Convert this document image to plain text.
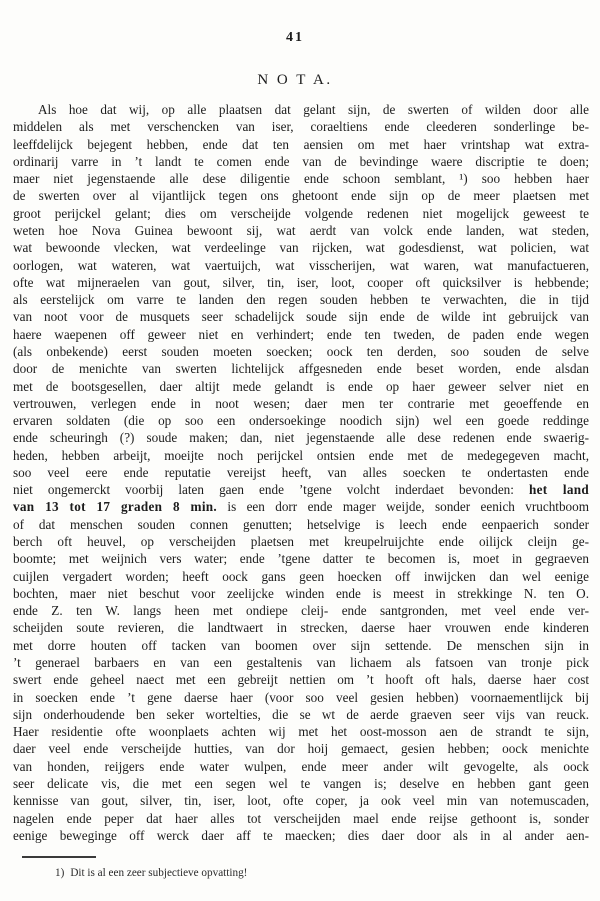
41
N O T A.
Als hoe dat wij, op alle plaatsen dat gelant sijn, de swerten of wilden door alle
middelen als met verschencken van iser, coraeltiens ende cleederen sonderlinge be-
leeffdelijck bejegent hebben, ende dat ten aensien om met haer vrintshap wat extra-
ordinarij varre in ’t landt te comen ende van de bevindinge waere discriptie te doen;
maer niet jegenstaende alle dese diligentie ende schoon semblant, ¹) soo hebben haer
de swerten over al vijantlijck tegen ons ghetoont ende sijn op de meer plaetsen met
groot perijckel gelant; dies om verscheijde volgende redenen niet mogelijck geweest te
weten hoe Nova Guinea bewoont sij, wat aerdt van volck ende landen, wat steden,
wat bewoonde vlecken, wat verdeelinge van rijcken, wat godesdienst, wat policien, wat
oorlogen, wat wateren, wat vaertuijch, wat visscherijen, wat waren, wat manufactueren,
ofte wat mijneraelen van gout, silver, tin, iser, loot, cooper oft quicksilver is hebbende;
als eerstelijck om varre te landen den regen souden hebben te verwachten, die in tijd
van noot voor de musquets seer schadelijck soude sijn ende de wilde int gebruijck van
haere waepenen off geweer niet en verhindert; ende ten tweden, de paden ende wegen
(als onbekende) eerst souden moeten soecken; oock ten derden, soo souden de selve
door de menichte van swerten lichtelijck affgesneden ende beset worden, ende alsdan
met de bootsgesellen, daer altijt mede gelandt is ende op haer geweer selver niet en
vertrouwen, verlegen ende in noot wesen; daer men ter contrarie met geoeffende en
ervaren soldaten (die op soo een ondersoekinge noodich sijn) wel een goede reddinge
ende scheuringh (?) soude maken; dan, niet jegenstaende alle dese redenen ende swaerig-
heden, hebben arbeijt, moeijte noch perijckel ontsien ende met de medegegeven macht,
soo veel eere ende reputatie vereijst heeft, van alles soecken te ondertasten ende
niet ongemerckt voorbij laten gaen ende ’tgene volcht inderdaet bevonden: het land
van 13 tot 17 graden 8 min. is een dorr ende mager weijde, sonder eenich vruchtboom
of dat menschen souden connen genutten; hetselvige is leech ende eenpaerich sonder
berch oft heuvel, op verscheijden plaetsen met kreupelruijchte ende oilijck cleijn ge-
boomte; met weijnich vers water; ende ’tgene datter te becomen is, moet in gegraeven
cuijlen vergadert worden; heeft oock gans geen hoecken off inwijcken dan wel eenige
bochten, maer niet beschut voor zeelijcke winden ende is meest in strekkinge N. ten O.
ende Z. ten W. langs heen met ondiepe cleij- ende santgronden, met veel ende ver-
scheijden soute revieren, die landtwaert in strecken, daerse haer vrouwen ende kinderen
met dorre houten off tacken van boomen over sijn settende. De menschen sijn in
’t generael barbaers en van een gestaltenis van lichaem als fatsoen van tronje pick
swert ende geheel naect met een gebreijt nettien om ’t hooft oft hals, daerse haer cost
in soecken ende ’t gene daerse haer (voor soo veel gesien hebben) voornaementlijck bij
sijn onderhoudende ben seker wortelties, die se wt de aerde graeven seer vijs van reuck.
Haer residentie ofte woonplaets achten wij met het oost-mosson aen de strandt te sijn,
daer veel ende verscheijde hutties, van dor hoij gemaect, gesien hebben; oock menichte
van honden, reijgers ende water wulpen, ende meer ander wilt gevogelte, als oock
seer delicate vis, die met een segen wel te vangen is; deselve en hebben gant geen
kennisse van gout, silver, tin, iser, loot, ofte coper, ja ook veel min van notemuscaden,
nagelen ende peper dat haer alles tot verscheijden mael ende reijse gethoont is, sonder
eenige beweginge off werck daer aff te maecken; dies daer door als in al ander aen-
1) Dit is al een zeer subjectieve opvatting!
